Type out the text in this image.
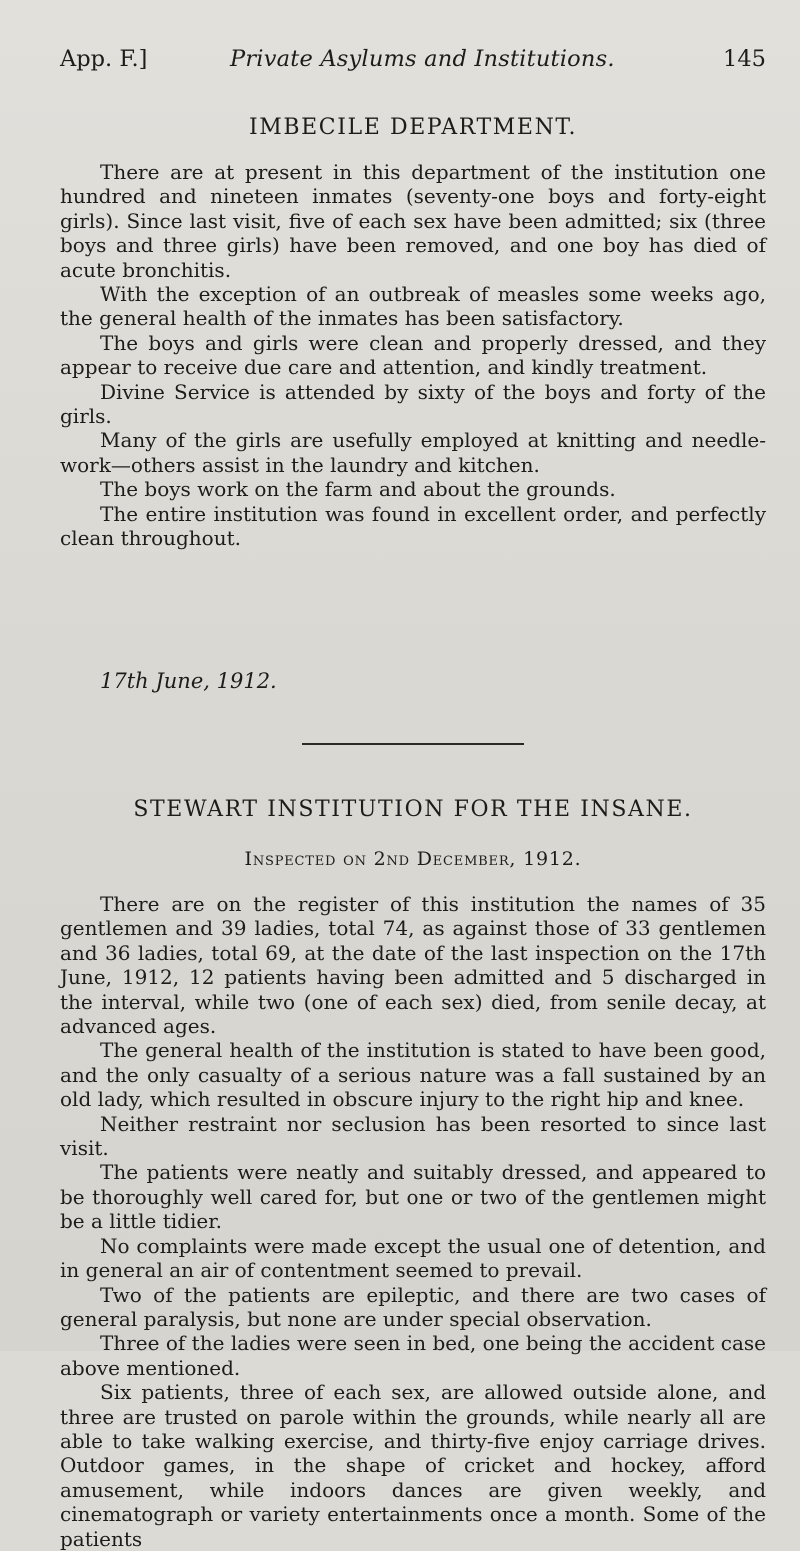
App. F.]	Private Asylums and Institutions.	145
IMBECILE DEPARTMENT.

There are at present in this department of the institution one hundred and nineteen inmates (seventy-one boys and forty-eight girls). Since last visit, five of each sex have been admitted; six (three boys and three girls) have been removed, and one boy has died of acute bronchitis.

With the exception of an outbreak of measles some weeks ago, the general health of the inmates has been satisfactory.

The boys and girls were clean and properly dressed, and they appear to receive due care and attention, and kindly treatment.

Divine Service is attended by sixty of the boys and forty of the girls.

Many of the girls are usefully employed at knitting and needle-work—others assist in the laundry and kitchen.

The boys work on the farm and about the grounds.

The entire institution was found in excellent order, and perfectly clean throughout.

17th June, 1912.
STEWART INSTITUTION FOR THE INSANE.
Inspected on 2nd December, 1912.

There are on the register of this institution the names of 35 gentlemen and 39 ladies, total 74, as against those of 33 gentlemen and 36 ladies, total 69, at the date of the last inspection on the 17th June, 1912, 12 patients having been admitted and 5 discharged in the interval, while two (one of each sex) died, from senile decay, at advanced ages.

The general health of the institution is stated to have been good, and the only casualty of a serious nature was a fall sustained by an old lady, which resulted in obscure injury to the right hip and knee.

Neither restraint nor seclusion has been resorted to since last visit.

The patients were neatly and suitably dressed, and appeared to be thoroughly well cared for, but one or two of the gentlemen might be a little tidier.

No complaints were made except the usual one of detention, and in general an air of contentment seemed to prevail.

Two of the patients are epileptic, and there are two cases of general paralysis, but none are under special observation.

Three of the ladies were seen in bed, one being the accident case above mentioned.

Six patients, three of each sex, are allowed outside alone, and three are trusted on parole within the grounds, while nearly all are able to take walking exercise, and thirty-five enjoy carriage drives. Outdoor games, in the shape of cricket and hockey, afford amusement, while indoors dances are given weekly, and cinematograph or variety entertainments once a month. Some of the patients
